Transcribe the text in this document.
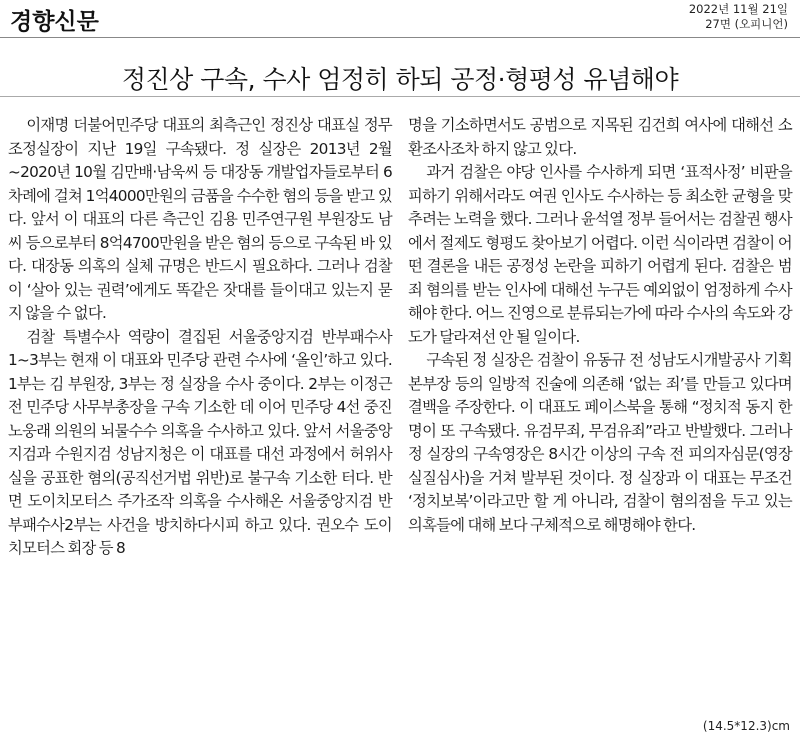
경향신문	2022년 11월 21일
27면 (오피니언)
정진상 구속, 수사 엄정히 하되 공정·형평성 유념해야

이재명 더불어민주당 대표의 최측근인 정진상 대표실 정무조정실장이 지난 19일 구속됐다. 정 실장은 2013년 2월~2020년 10월 김만배·남욱씨 등 대장동 개발업자들로부터 6차례에 걸쳐 1억4000만원의 금품을 수수한 혐의 등을 받고 있다. 앞서 이 대표의 다른 측근인 김용 민주연구원 부원장도 남씨 등으로부터 8억4700만원을 받은 혐의 등으로 구속된 바 있다. 대장동 의혹의 실체 규명은 반드시 필요하다. 그러나 검찰이 ‘살아 있는 권력’에게도 똑같은 잣대를 들이대고 있는지 묻지 않을 수 없다.

검찰 특별수사 역량이 결집된 서울중앙지검 반부패수사1~3부는 현재 이 대표와 민주당 관련 수사에 ‘올인’하고 있다. 1부는 김 부원장, 3부는 정 실장을 수사 중이다. 2부는 이정근 전 민주당 사무부총장을 구속 기소한 데 이어 민주당 4선 중진 노웅래 의원의 뇌물수수 의혹을 수사하고 있다. 앞서 서울중앙지검과 수원지검 성남지청은 이 대표를 대선 과정에서 허위사실을 공표한 혐의(공직선거법 위반)로 불구속 기소한 터다. 반면 도이치모터스 주가조작 의혹을 수사해온 서울중앙지검 반부패수사2부는 사건을 방치하다시피 하고 있다. 권오수 도이치모터스 회장 등 8

명을 기소하면서도 공범으로 지목된 김건희 여사에 대해선 소환조사조차 하지 않고 있다.

과거 검찰은 야당 인사를 수사하게 되면 ‘표적사정’ 비판을 피하기 위해서라도 여권 인사도 수사하는 등 최소한 균형을 맞추려는 노력을 했다. 그러나 윤석열 정부 들어서는 검찰권 행사에서 절제도 형평도 찾아보기 어렵다. 이런 식이라면 검찰이 어떤 결론을 내든 공정성 논란을 피하기 어렵게 된다. 검찰은 범죄 혐의를 받는 인사에 대해선 누구든 예외없이 엄정하게 수사해야 한다. 어느 진영으로 분류되는가에 따라 수사의 속도와 강도가 달라져선 안 될 일이다.

구속된 정 실장은 검찰이 유동규 전 성남도시개발공사 기획본부장 등의 일방적 진술에 의존해 ‘없는 죄’를 만들고 있다며 결백을 주장한다. 이 대표도 페이스북을 통해 “정치적 동지 한 명이 또 구속됐다. 유검무죄, 무검유죄”라고 반발했다. 그러나 정 실장의 구속영장은 8시간 이상의 구속 전 피의자심문(영장실질심사)을 거쳐 발부된 것이다. 정 실장과 이 대표는 무조건 ‘정치보복’이라고만 할 게 아니라, 검찰이 혐의점을 두고 있는 의혹들에 대해 보다 구체적으로 해명해야 한다.

(14.5*12.3)cm
